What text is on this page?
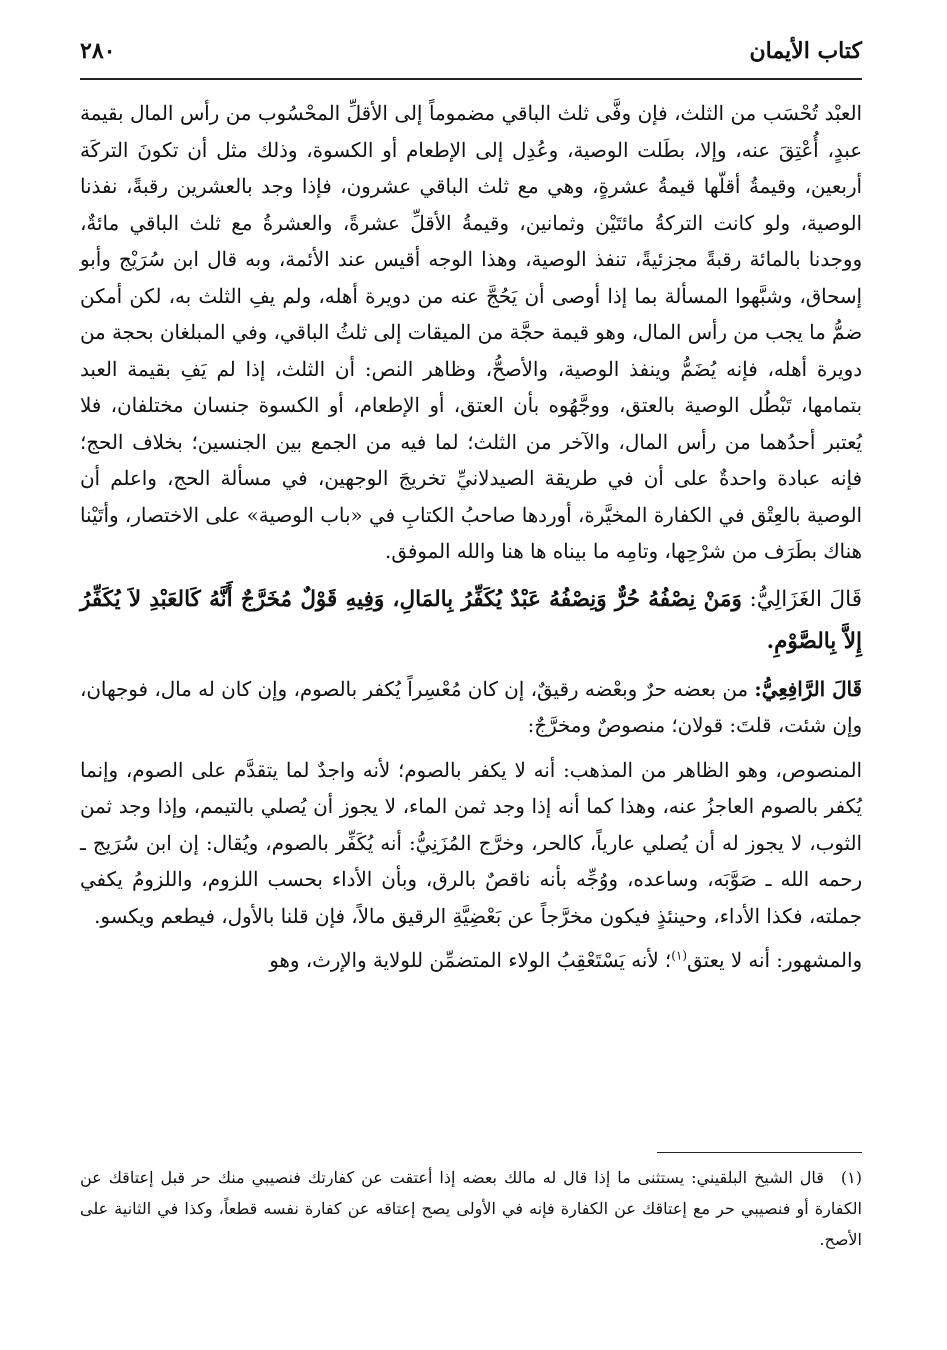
كتاب الأيمان
٢٨٠

العبْد تُحْسَب من الثلث، فإن وفَّى ثلث الباقي مضموماً إلى الأقلِّ المحْسُوب من رأس المال بقيمة عبدٍ، أُعْتِقَ عنه، وإلا، بطَلت الوصية، وعُدِل إلى الإطعام أو الكسوة، وذلك مثل أن تكونَ التركَة أربعين، وقيمةُ أقلّها قيمةُ عشرةٍ، وهي مع ثلث الباقي عشرون، فإذا وجد بالعشرين رقبةً، نفذنا الوصية، ولو كانت التركةُ مائتَيْن وثمانين، وقيمةُ الأقلِّ عشرةً، والعشرةُ مع ثلث الباقي مائةٌ، ووجدنا بالمائة رقبةً مجزئيةً، تنفذ الوصية، وهذا الوجه أقيس عند الأئمة، وبه قال ابن سُرَيْج وأبو إسحاق، وشبَّهوا المسألة بما إذا أوصى أن يَحُجَّ عنه من دويرة أهله، ولم يفِ الثلث به، لكن أمكن ضمُّ ما يجب من رأس المال، وهو قيمة حجَّة من الميقات إلى ثلثُ الباقي، وفي المبلغان بحجة من دويرة أهله، فإنه يُضَمُّ وينفذ الوصية، والأصحُّ، وظاهر النص: أن الثلث، إذا لم يَفِ بقيمة العبد بتمامها، تَبْطُل الوصية بالعتق، ووجَّهُوه بأن العتق، أو الإطعام، أو الكسوة جنسان مختلفان، فلا يُعتبر أحدُهما من رأس المال، والآخر من الثلث؛ لما فيه من الجمع بين الجنسين؛ بخلاف الحج؛ فإنه عبادة واحدةٌ على أن في طريقة الصيدلانيِّ تخريجَ الوجهين، في مسألة الحج، واعلم أن الوصية بالعِتْق في الكفارة المخيَّرة، أوردها صاحبُ الكتابِ في «باب الوصية» على الاختصار، وأتَيْنا هناك بطَرَف من شرْحِها، وتامِه ما بيناه ها هنا والله الموفق.

قَالَ الغَزَالِيُّ: وَمَنْ نِصْفُهُ حُرٌّ وَنِصْفُهُ عَبْدٌ يُكَفِّرُ بِالمَالِ، وَفِيهِ قَوْلٌ مُخَرَّجٌ أَنَّهُ كَالعَبْدِ لاَ يُكَفِّرُ إِلاَّ بِالصَّوْمِ.

قَالَ الرَّافِعِيُّ: من بعضه حرٌ وبعْضه رقيقٌ، إن كان مُعْسِراً يُكفر بالصوم، وإن كان له مال، فوجهان، وإن شئت، قلتَ: قولان؛ منصوصٌ ومخرَّجٌ:

المنصوص، وهو الظاهر من المذهب: أنه لا يكفر بالصوم؛ لأنه واجدٌ لما يتقدَّم على الصوم، وإنما يُكفر بالصوم العاجزُ عنه، وهذا كما أنه إذا وجد ثمن الماء، لا يجوز أن يُصلي بالتيمم، وإذا وجد ثمن الثوب، لا يجوز له أن يُصلي عارياً، كالحر، وخرَّج المُزَنِيُّ: أنه يُكَفِّر بالصوم، ويُقال: إن ابن سُرَيج ـ رحمه الله ـ صَوَّبَه، وساعده، ووُجِّه بأنه ناقصٌ بالرق، وبأن الأداء بحسب اللزوم، واللزومُ يكفي جملته، فكذا الأداء، وحينئذٍ فيكون مخرَّجاً عن بَعْضِيَّةِ الرقيق مالاً، فإن قلنا بالأول، فيطعم ويكسو.

والمشهور: أنه لا يعتق$^{(١)}$؛ لأنه يَسْتَعْقِبُ الولاء المتضمِّن للولاية والإرث، وهو

(١) قال الشيخ البلقيني: يستثنى ما إذا قال له مالك بعضه إذا أعتقت عن كفارتك فنصيبي منك حر قبل إعتاقك عن الكفارة أو فنصيبي حر مع إعتاقك عن الكفارة فإنه في الأولى يصح إعتاقه عن كفارة نفسه قطعاً، وكذا في الثانية على الأصح.
